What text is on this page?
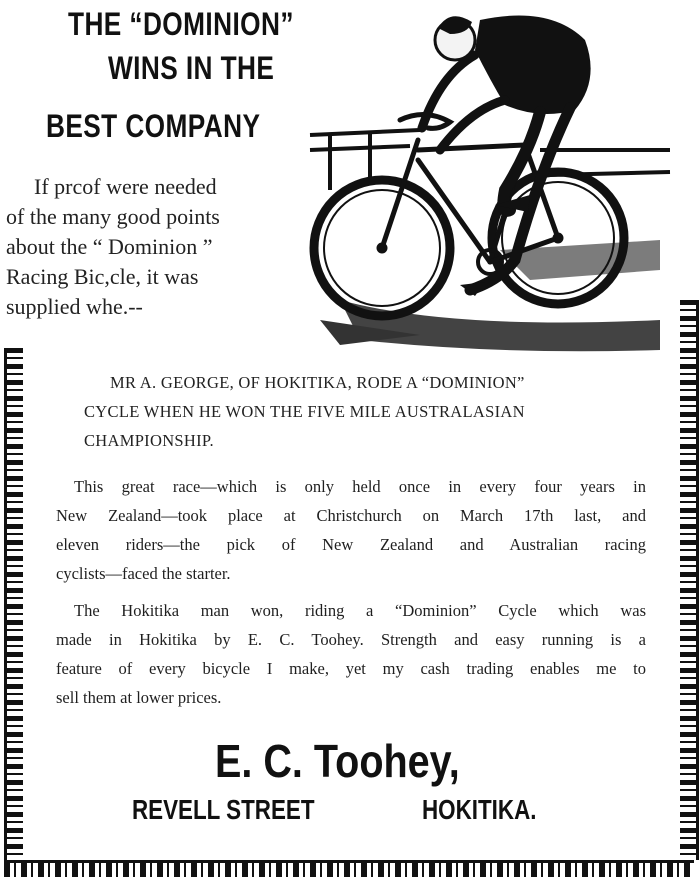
THE “DOMINION”
WINS IN THE
BEST COMPANY

If prcof were needed
of the many good points
about the “ Dominion ”
Racing Bic,cle, it was
supplied whe.--

MR A. GEORGE, OF HOKITIKA, RODE A “DOMINION”
CYCLE WHEN HE WON THE FIVE MILE AUSTRALASIAN
CHAMPIONSHIP.

This great race—which is only held once in every four years in
New Zealand—took place at Christchurch on March 17th last, and
eleven riders—the pick of New Zealand and Australian racing
cyclists—faced the starter.

The Hokitika man won, riding a “Dominion” Cycle which was
made in Hokitika by E. C. Toohey. Strength and easy running is a
feature of every bicycle I make, yet my cash trading enables me to
sell them at lower prices.

E. C. Toohey,

REVELL STREET	HOKITIKA.
